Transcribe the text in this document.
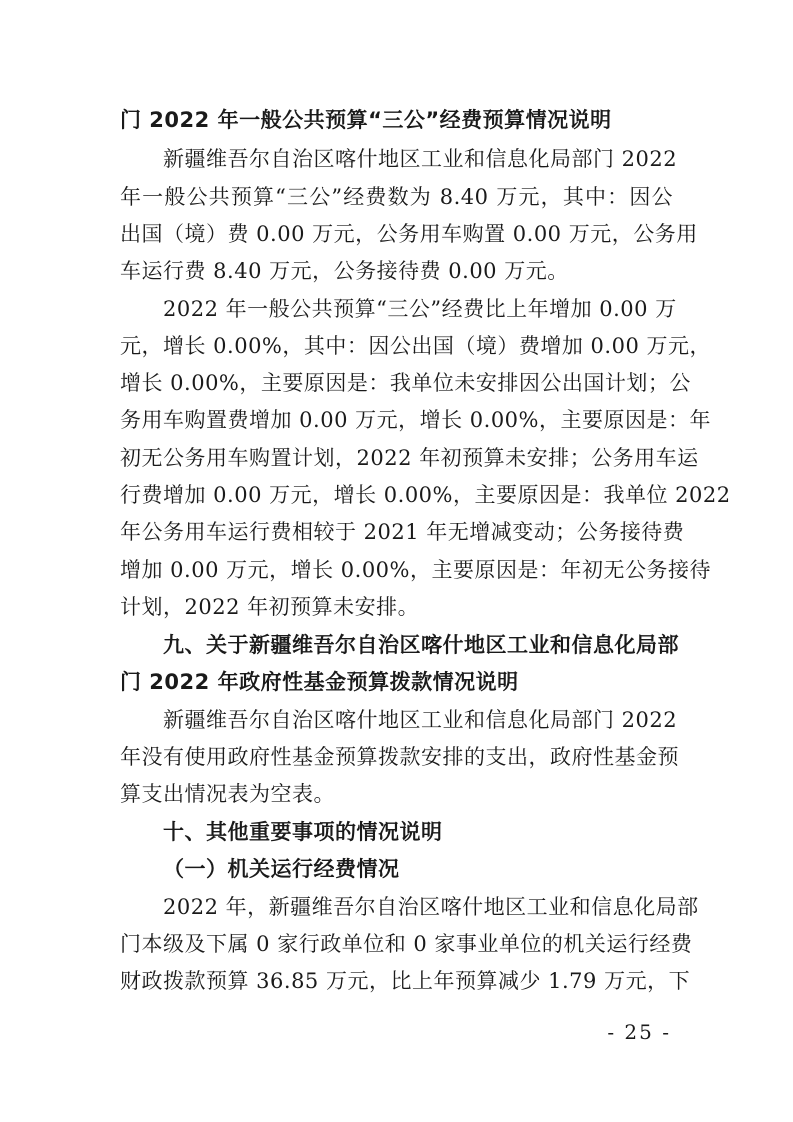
门 2022 年一般公共预算“三公”经费预算情况说明
新疆维吾尔自治区喀什地区工业和信息化局部门 2022
年一般公共预算“三公”经费数为 8.40 万元，其中：因公
出国（境）费 0.00 万元，公务用车购置 0.00 万元，公务用
车运行费 8.40 万元，公务接待费 0.00 万元。
2022 年一般公共预算“三公”经费比上年增加 0.00 万
元，增长 0.00%，其中：因公出国（境）费增加 0.00 万元，
增长 0.00%，主要原因是：我单位未安排因公出国计划；公
务用车购置费增加 0.00 万元，增长 0.00%，主要原因是：年
初无公务用车购置计划，2022 年初预算未安排；公务用车运
行费增加 0.00 万元，增长 0.00%，主要原因是：我单位 2022
年公务用车运行费相较于 2021 年无增减变动；公务接待费
增加 0.00 万元，增长 0.00%，主要原因是：年初无公务接待
计划，2022 年初预算未安排。
九、关于新疆维吾尔自治区喀什地区工业和信息化局部
门 2022 年政府性基金预算拨款情况说明
新疆维吾尔自治区喀什地区工业和信息化局部门 2022
年没有使用政府性基金预算拨款安排的支出，政府性基金预
算支出情况表为空表。
十、其他重要事项的情况说明
（一）机关运行经费情况
2022 年，新疆维吾尔自治区喀什地区工业和信息化局部
门本级及下属 0 家行政单位和 0 家事业单位的机关运行经费
财政拨款预算 36.85 万元，比上年预算减少 1.79 万元，下
- 25 -
